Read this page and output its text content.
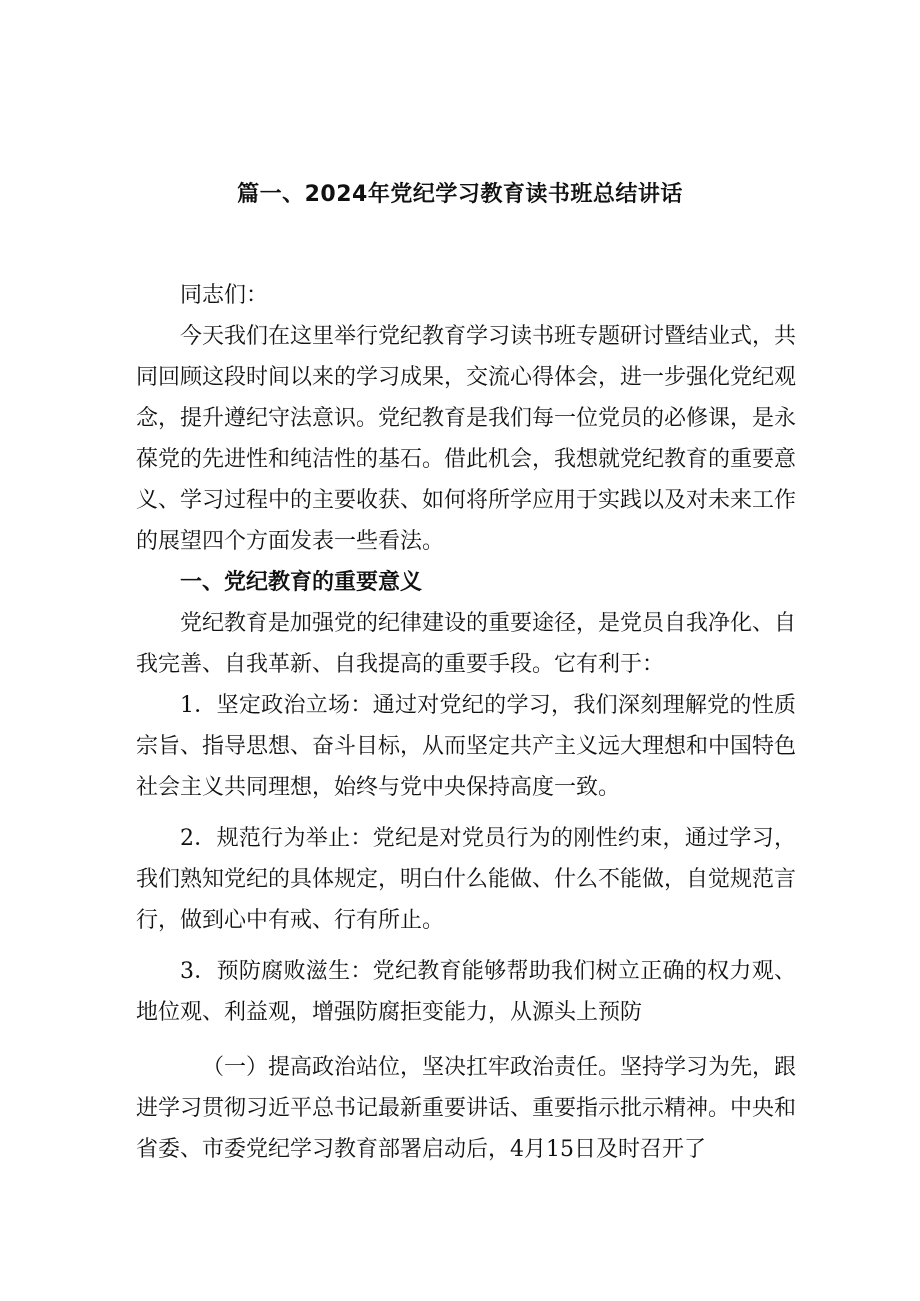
篇一、2024年党纪学习教育读书班总结讲话

同志们：

今天我们在这里举行党纪教育学习读书班专题研讨暨结业式，共同回顾这段时间以来的学习成果，交流心得体会，进一步强化党纪观念，提升遵纪守法意识。党纪教育是我们每一位党员的必修课，是永葆党的先进性和纯洁性的基石。借此机会，我想就党纪教育的重要意义、学习过程中的主要收获、如何将所学应用于实践以及对未来工作的展望四个方面发表一些看法。

一、党纪教育的重要意义

党纪教育是加强党的纪律建设的重要途径，是党员自我净化、自我完善、自我革新、自我提高的重要手段。它有利于：

1．坚定政治立场：通过对党纪的学习，我们深刻理解党的性质宗旨、指导思想、奋斗目标，从而坚定共产主义远大理想和中国特色社会主义共同理想，始终与党中央保持高度一致。

2．规范行为举止：党纪是对党员行为的刚性约束，通过学习，我们熟知党纪的具体规定，明白什么能做、什么不能做，自觉规范言行，做到心中有戒、行有所止。

3．预防腐败滋生：党纪教育能够帮助我们树立正确的权力观、地位观、利益观，增强防腐拒变能力，从源头上预防

（一）提高政治站位，坚决扛牢政治责任。坚持学习为先，跟进学习贯彻习近平总书记最新重要讲话、重要指示批示精神。中央和省委、市委党纪学习教育部署启动后，4月15日及时召开了
